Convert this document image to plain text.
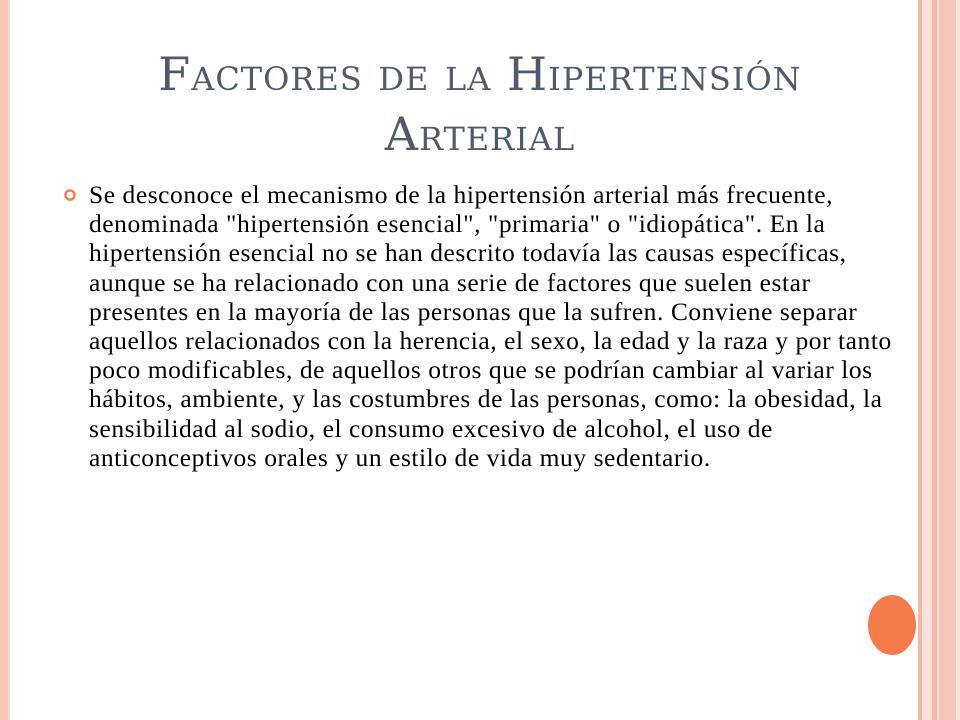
Factores de la Hipertensión
Arterial

Se desconoce el mecanismo de la hipertensión arterial más frecuente, denominada "hipertensión esencial", "primaria" o "idiopática". En la hipertensión esencial no se han descrito todavía las causas específicas, aunque se ha relacionado con una serie de factores que suelen estar presentes en la mayoría de las personas que la sufren. Conviene separar aquellos relacionados con la herencia, el sexo, la edad y la raza y por tanto poco modificables, de aquellos otros que se podrían cambiar al variar los hábitos, ambiente, y las costumbres de las personas, como: la obesidad, la sensibilidad al sodio, el consumo excesivo de alcohol, el uso de anticonceptivos orales y un estilo de vida muy sedentario.
